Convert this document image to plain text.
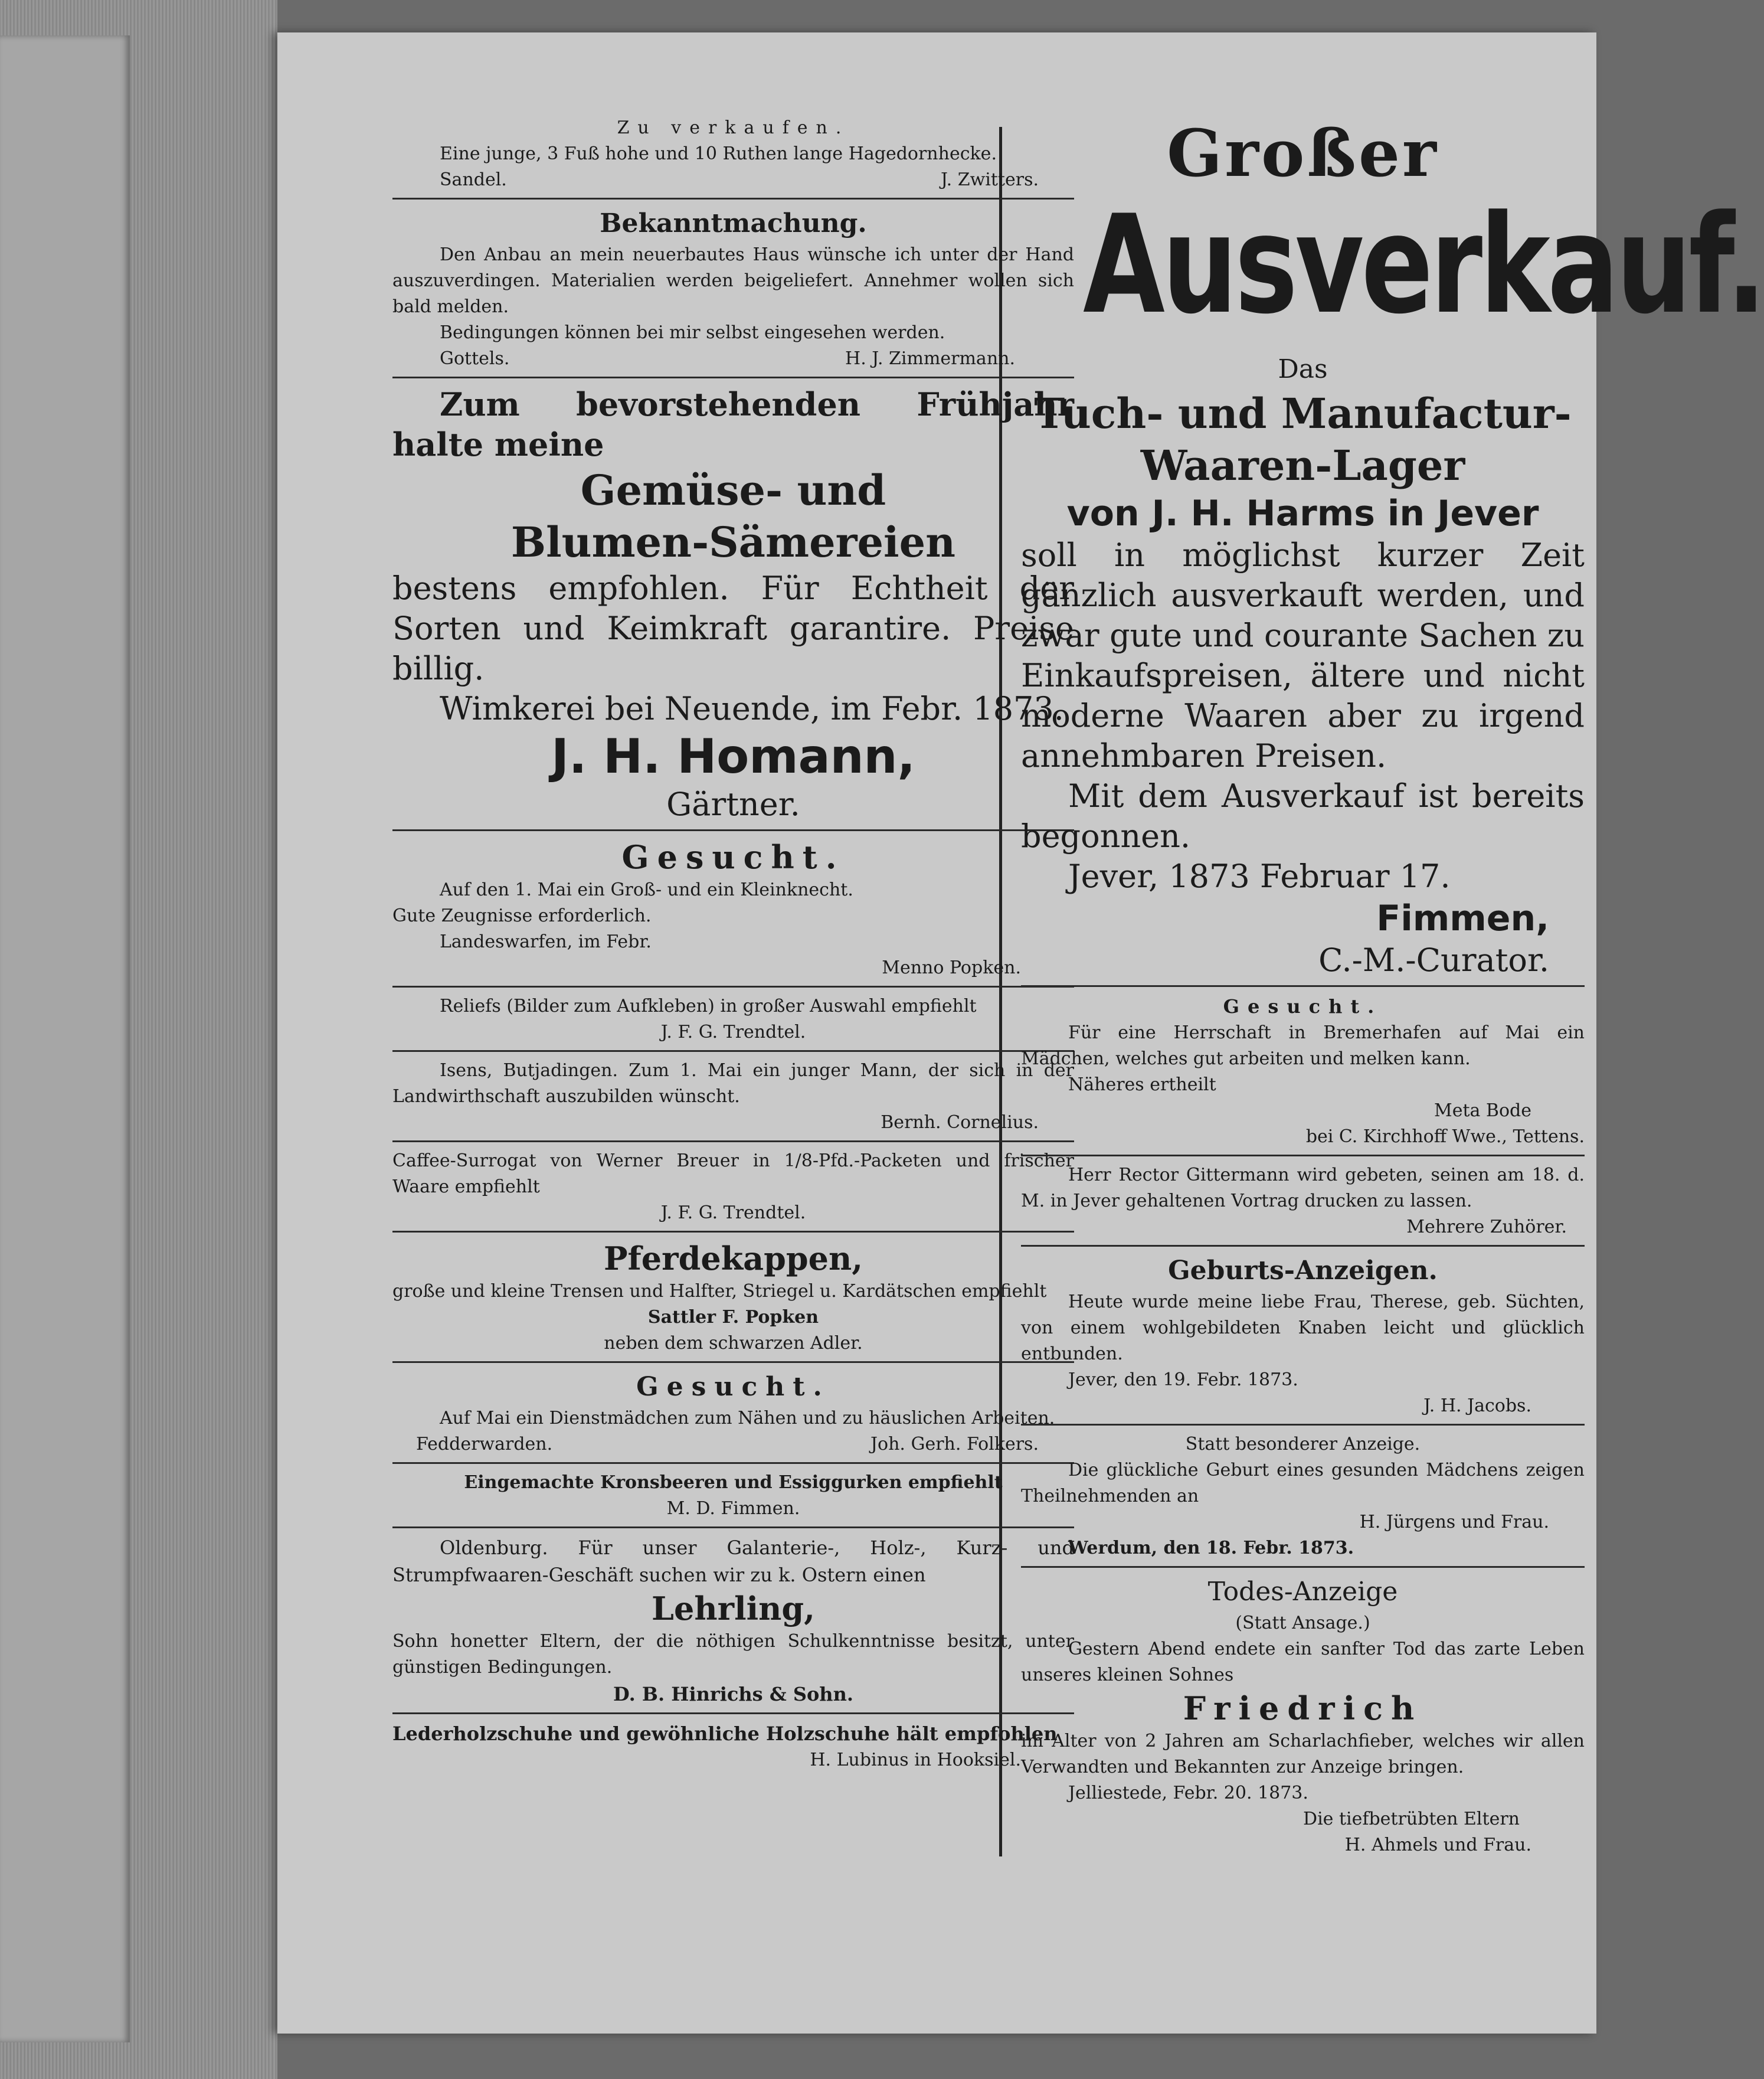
Zu verkaufen.

Eine junge, 3 Fuß hohe und 10 Ruthen lange Hagedornhecke.

Sandel.	J. Zwitters.

Bekanntmachung.

Den Anbau an mein neuerbautes Haus wünsche ich unter der Hand auszuverdingen. Materialien werden beigeliefert. Annehmer wollen sich bald melden.

Bedingungen können bei mir selbst eingesehen werden.

Gottels.	H. J. Zimmermann.

Zum bevorstehenden Frühjahr halte meine

Gemüse- und

Blumen-Sämereien

bestens empfohlen. Für Echtheit der Sorten und Keimkraft garantire. Preise billig.

Wimkerei bei Neuende, im Febr. 1873.

J. H. Homann,

Gärtner.

Gesucht.

Auf den 1. Mai ein Groß- und ein Kleinknecht.

Gute Zeugnisse erforderlich.

Landeswarfen, im Febr.

Menno Popken.

Reliefs (Bilder zum Aufkleben) in großer Auswahl empfiehlt

J. F. G. Trendtel.

Isens, Butjadingen. Zum 1. Mai ein junger Mann, der sich in der Landwirthschaft auszubilden wünscht.

Bernh. Cornelius.

Caffee-Surrogat von Werner Breuer in 1/8-Pfd.-Packeten und frischer Waare empfiehlt

J. F. G. Trendtel.

Pferdekappen,

große und kleine Trensen und Halfter, Striegel u. Kardätschen empfiehlt

Sattler F. Popken

neben dem schwarzen Adler.

Gesucht.

Auf Mai ein Dienstmädchen zum Nähen und zu häuslichen Arbeiten.

Fedderwarden.	Joh. Gerh. Folkers.

Eingemachte Kronsbeeren und Essiggurken empfiehlt

M. D. Fimmen.

Oldenburg. Für unser Galanterie-, Holz-, Kurz- und Strumpfwaaren-Geschäft suchen wir zu k. Ostern einen

Lehrling,

Sohn honetter Eltern, der die nöthigen Schulkenntnisse besitzt, unter günstigen Bedingungen.

D. B. Hinrichs & Sohn.

Lederholzschuhe und gewöhnliche Holzschuhe hält empfohlen

H. Lubinus in Hooksiel.

Großer

Ausverkauf.

Das

Tuch- und Manufactur-

Waaren-Lager

von J. H. Harms in Jever

soll in möglichst kurzer Zeit gänzlich ausverkauft werden, und zwar gute und courante Sachen zu Einkaufspreisen, ältere und nicht moderne Waaren aber zu irgend annehmbaren Preisen.

Mit dem Ausverkauf ist bereits begonnen.

Jever, 1873 Februar 17.

Fimmen,

C.-M.-Curator.

Gesucht.

Für eine Herrschaft in Bremerhafen auf Mai ein Mädchen, welches gut arbeiten und melken kann.

Näheres ertheilt

Meta Bode

bei C. Kirchhoff Wwe., Tettens.

Herr Rector Gittermann wird gebeten, seinen am 18. d. M. in Jever gehaltenen Vortrag drucken zu lassen.

Mehrere Zuhörer.

Geburts-Anzeigen.

Heute wurde meine liebe Frau, Therese, geb. Süchten, von einem wohlgebildeten Knaben leicht und glücklich entbunden.

Jever, den 19. Febr. 1873.

J. H. Jacobs.

Statt besonderer Anzeige.

Die glückliche Geburt eines gesunden Mädchens zeigen Theilnehmenden an

H. Jürgens und Frau.

Werdum, den 18. Febr. 1873.

Todes-Anzeige

(Statt Ansage.)

Gestern Abend endete ein sanfter Tod das zarte Leben unseres kleinen Sohnes

Friedrich

im Alter von 2 Jahren am Scharlachfieber, welches wir allen Verwandten und Bekannten zur Anzeige bringen.

Jelliestede, Febr. 20. 1873.

Die tiefbetrübten Eltern

H. Ahmels und Frau.
